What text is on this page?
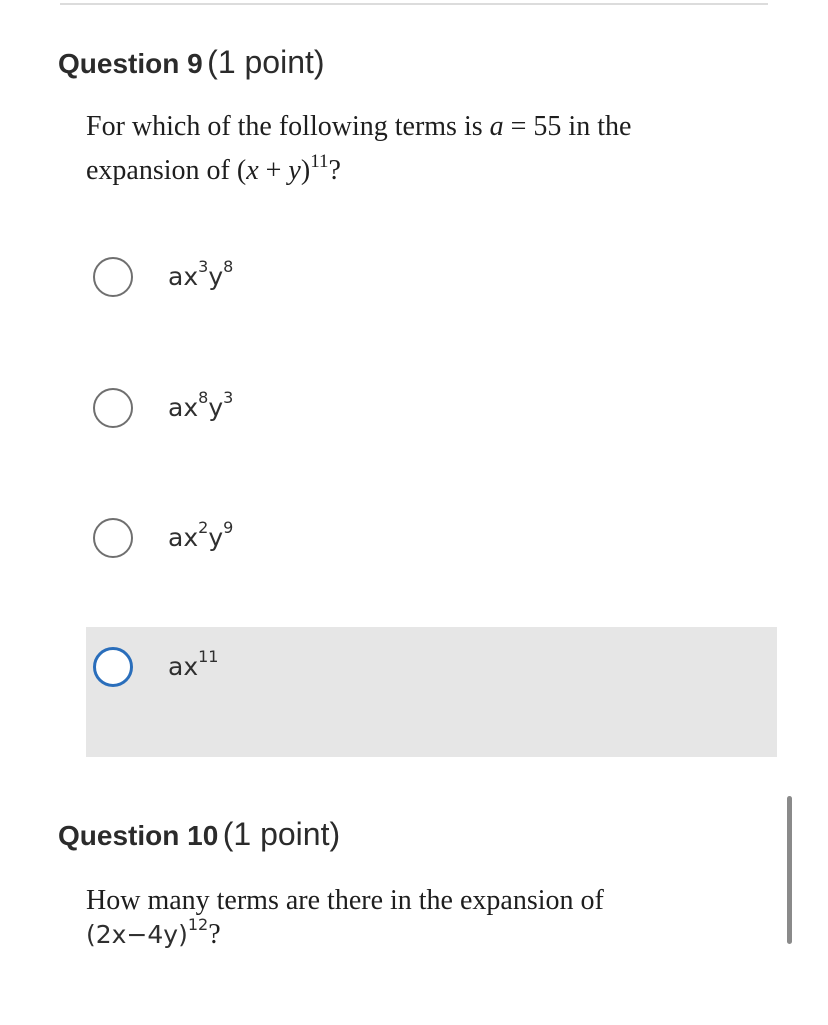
Question 9 (1 point)
For which of the following terms is a = 55 in the
expansion of $(x + y)^{11}$?
$ax^3y^8$
$ax^8y^3$
$ax^2y^9$
$ax^{11}$
Question 10 (1 point)
How many terms are there in the expansion of
$(2x-4y)^{12}$?
